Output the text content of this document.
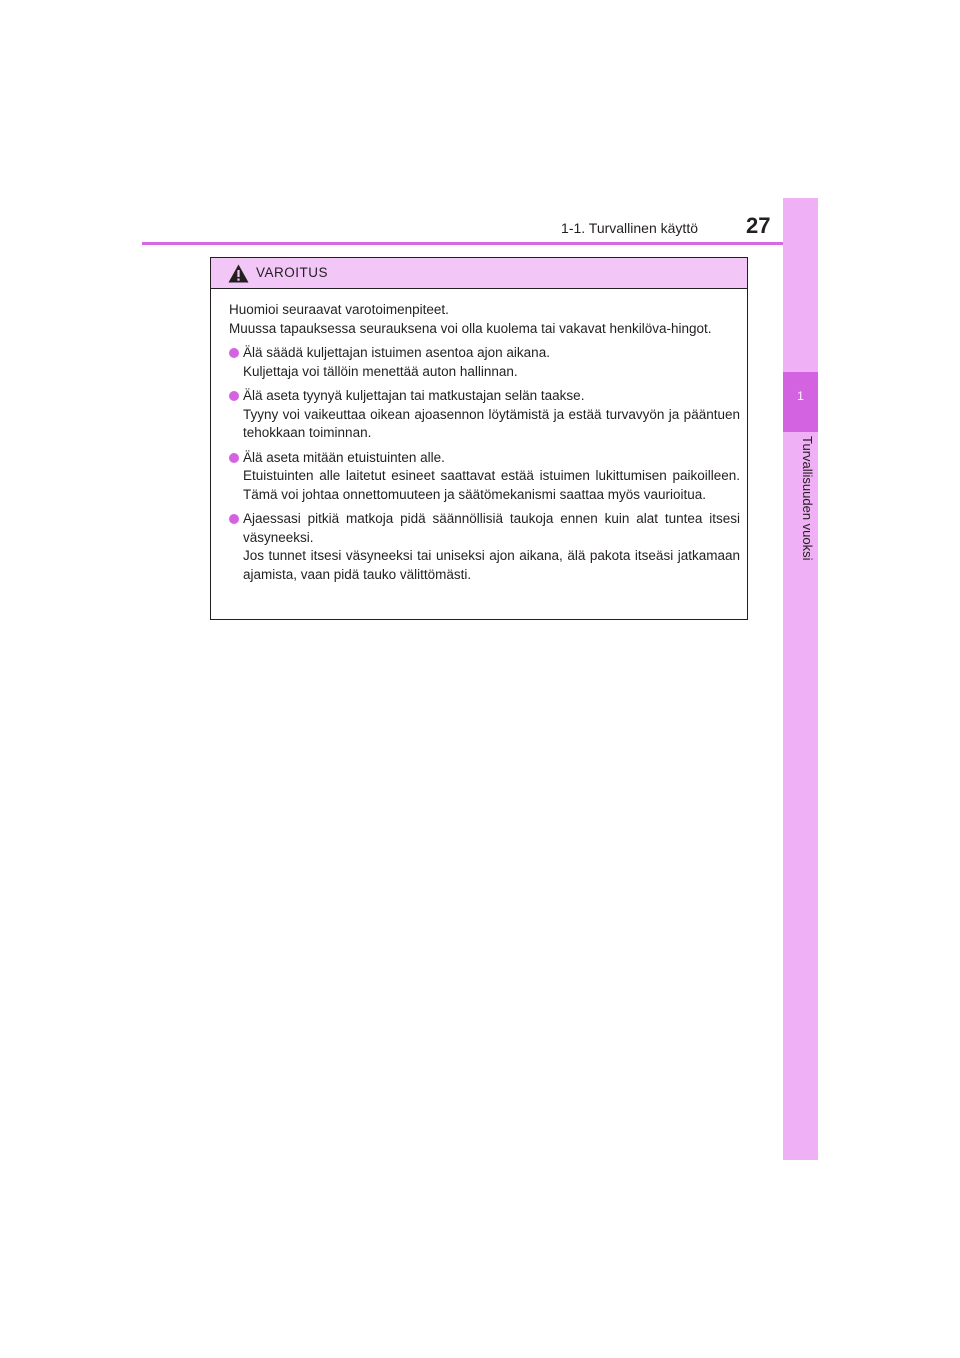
1-1. Turvallinen käyttö 27
1
Turvallisuuden vuoksi
VAROITUS

Huomioi seuraavat varotoimenpiteet.

Muussa tapauksessa seurauksena voi olla kuolema tai vakavat henkilöva-hingot.

Älä säädä kuljettajan istuimen asentoa ajon aikana.

Kuljettaja voi tällöin menettää auton hallinnan.

Älä aseta tyynyä kuljettajan tai matkustajan selän taakse.

Tyyny voi vaikeuttaa oikean ajoasennon löytämistä ja estää turvavyön ja pääntuen tehokkaan toiminnan.

Älä aseta mitään etuistuinten alle.

Etuistuinten alle laitetut esineet saattavat estää istuimen lukittumisen paikoilleen. Tämä voi johtaa onnettomuuteen ja säätömekanismi saattaa myös vaurioitua.

Ajaessasi pitkiä matkoja pidä säännöllisiä taukoja ennen kuin alat tuntea itsesi väsyneeksi.

Jos tunnet itsesi väsyneeksi tai uniseksi ajon aikana, älä pakota itseäsi jatkamaan ajamista, vaan pidä tauko välittömästi.
